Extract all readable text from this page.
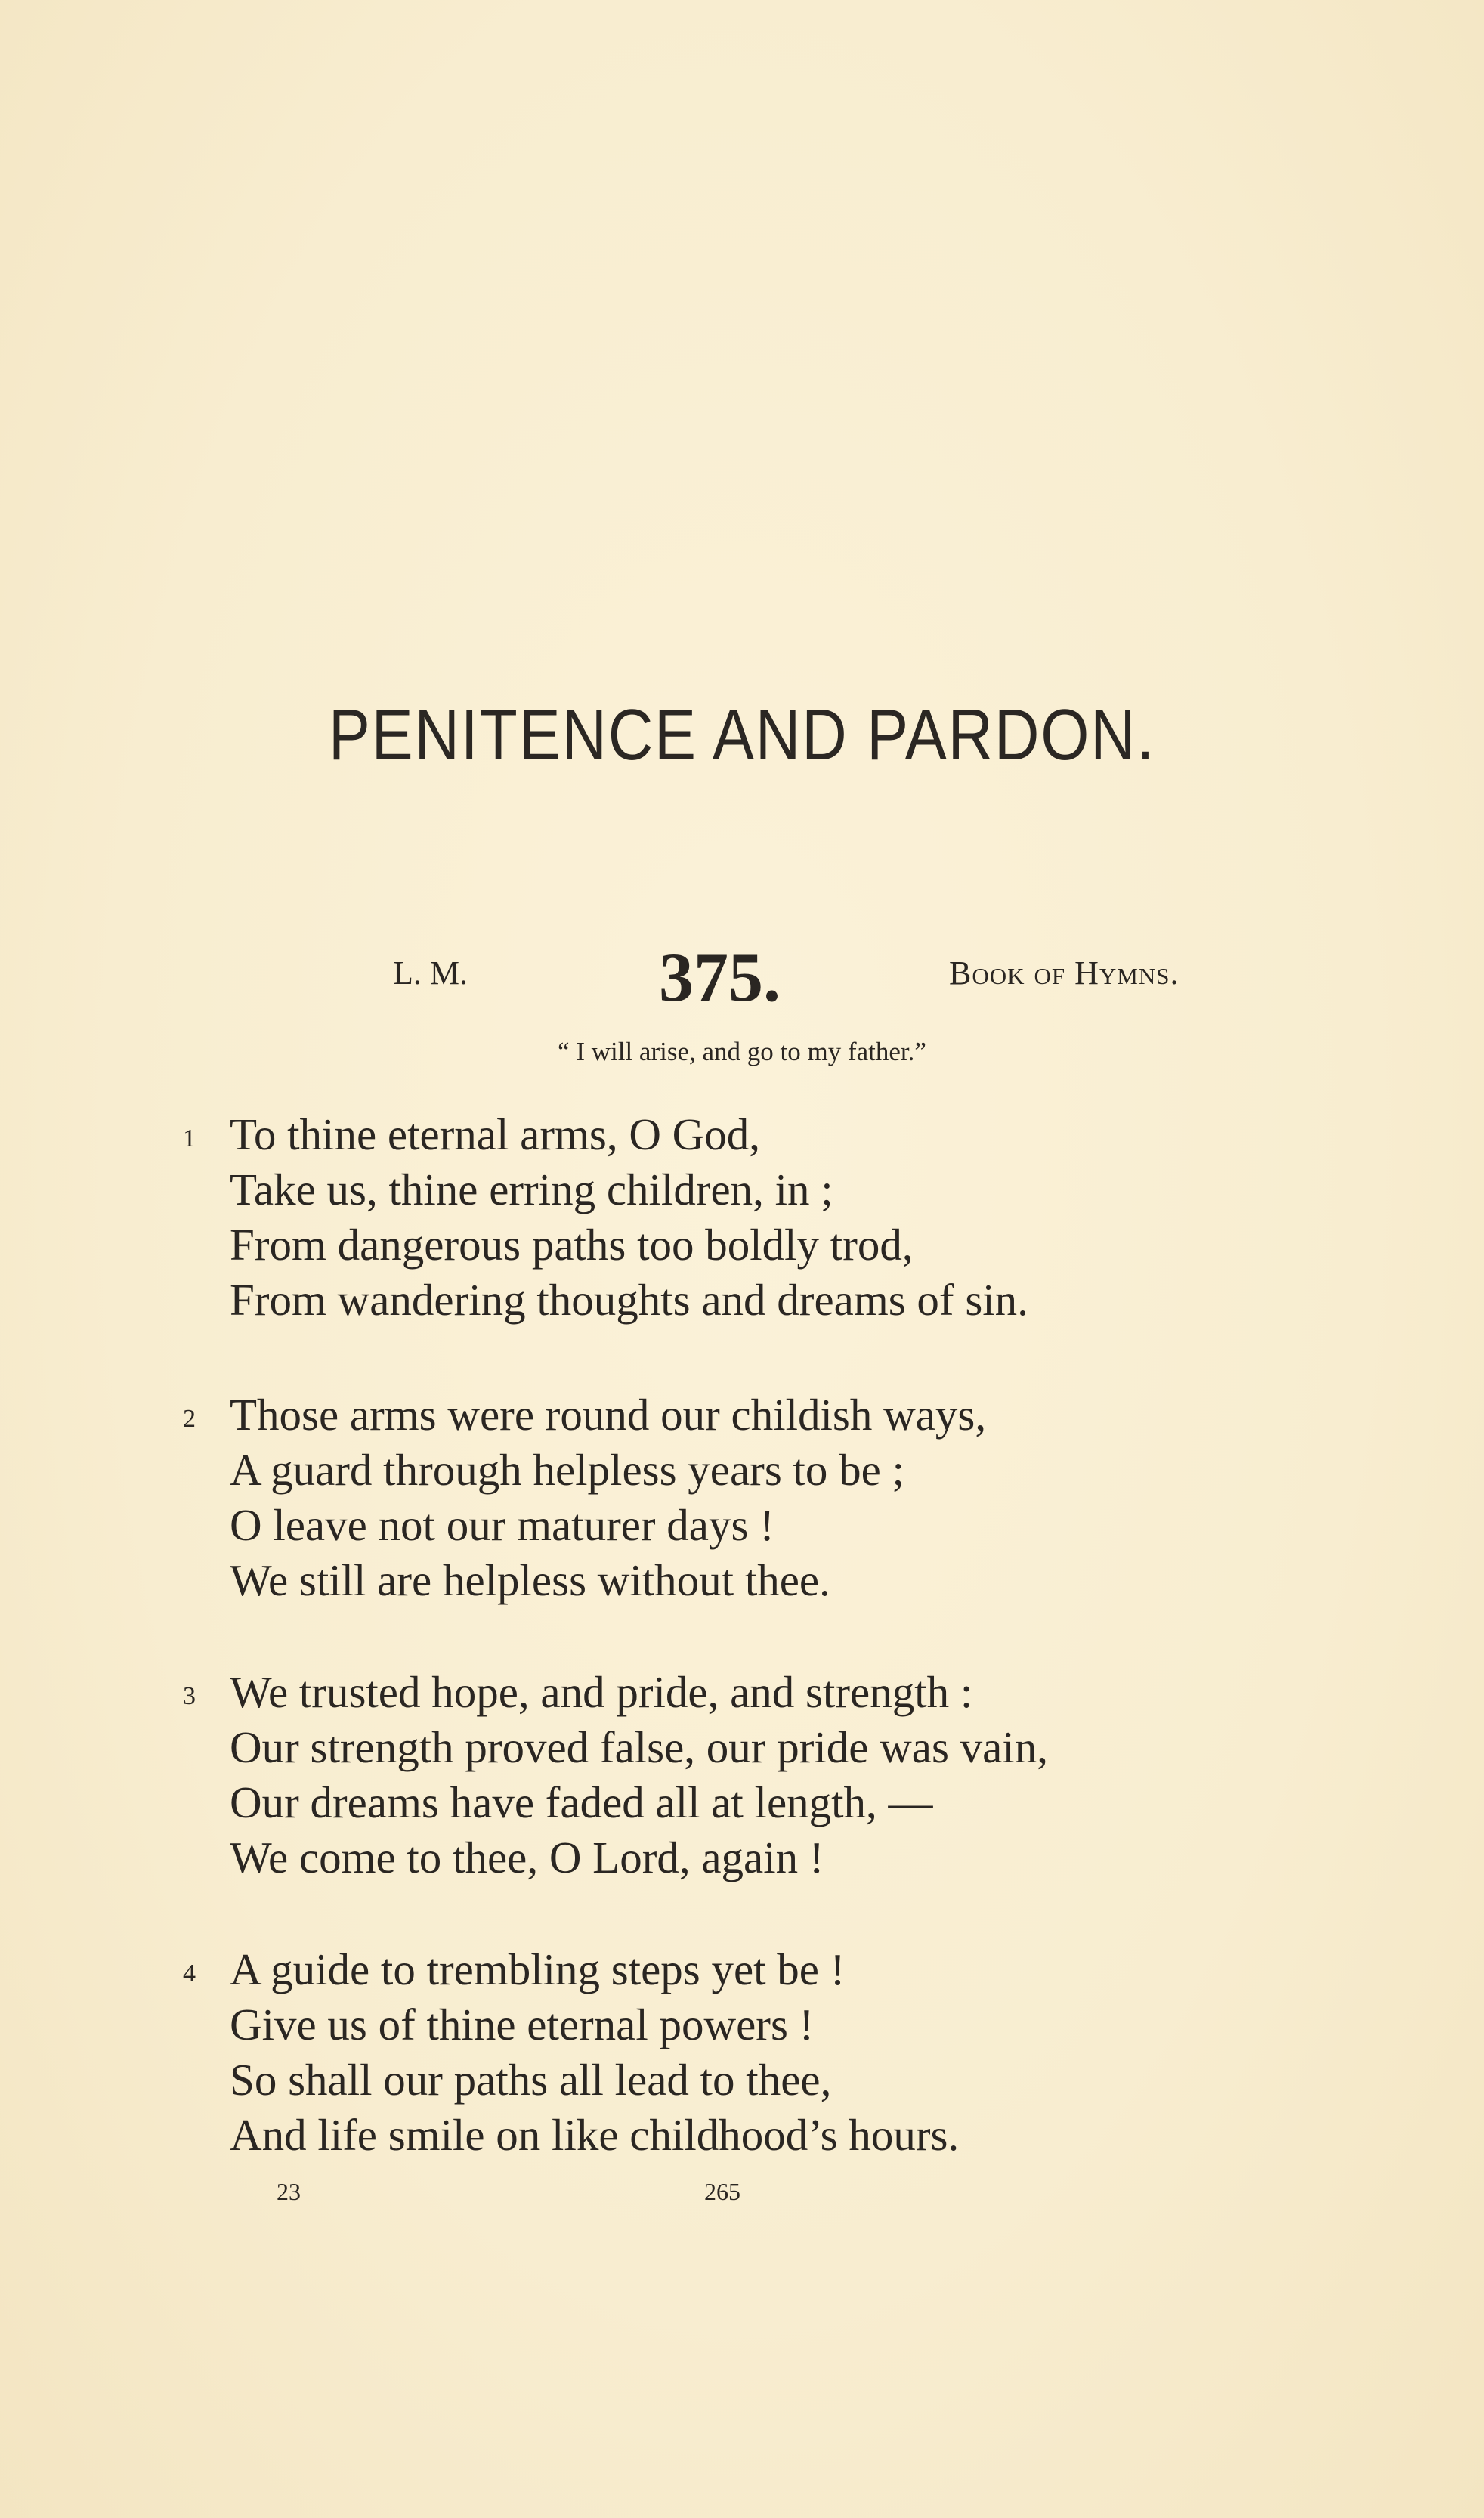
PENITENCE AND PARDON.
L. M.	375.	Book of Hymns.
“ I will arise, and go to my father.”
1 To thine eternal arms, O God,
Take us, thine erring children, in ;
From dangerous paths too boldly trod,
From wandering thoughts and dreams of sin.
2 Those arms were round our childish ways,
A guard through helpless years to be ;
O leave not our maturer days !
We still are helpless without thee.
3 We trusted hope, and pride, and strength :
Our strength proved false, our pride was vain,
Our dreams have faded all at length, —
We come to thee, O Lord, again !
4 A guide to trembling steps yet be !
Give us of thine eternal powers !
So shall our paths all lead to thee,
And life smile on like childhood’s hours.
23	265
